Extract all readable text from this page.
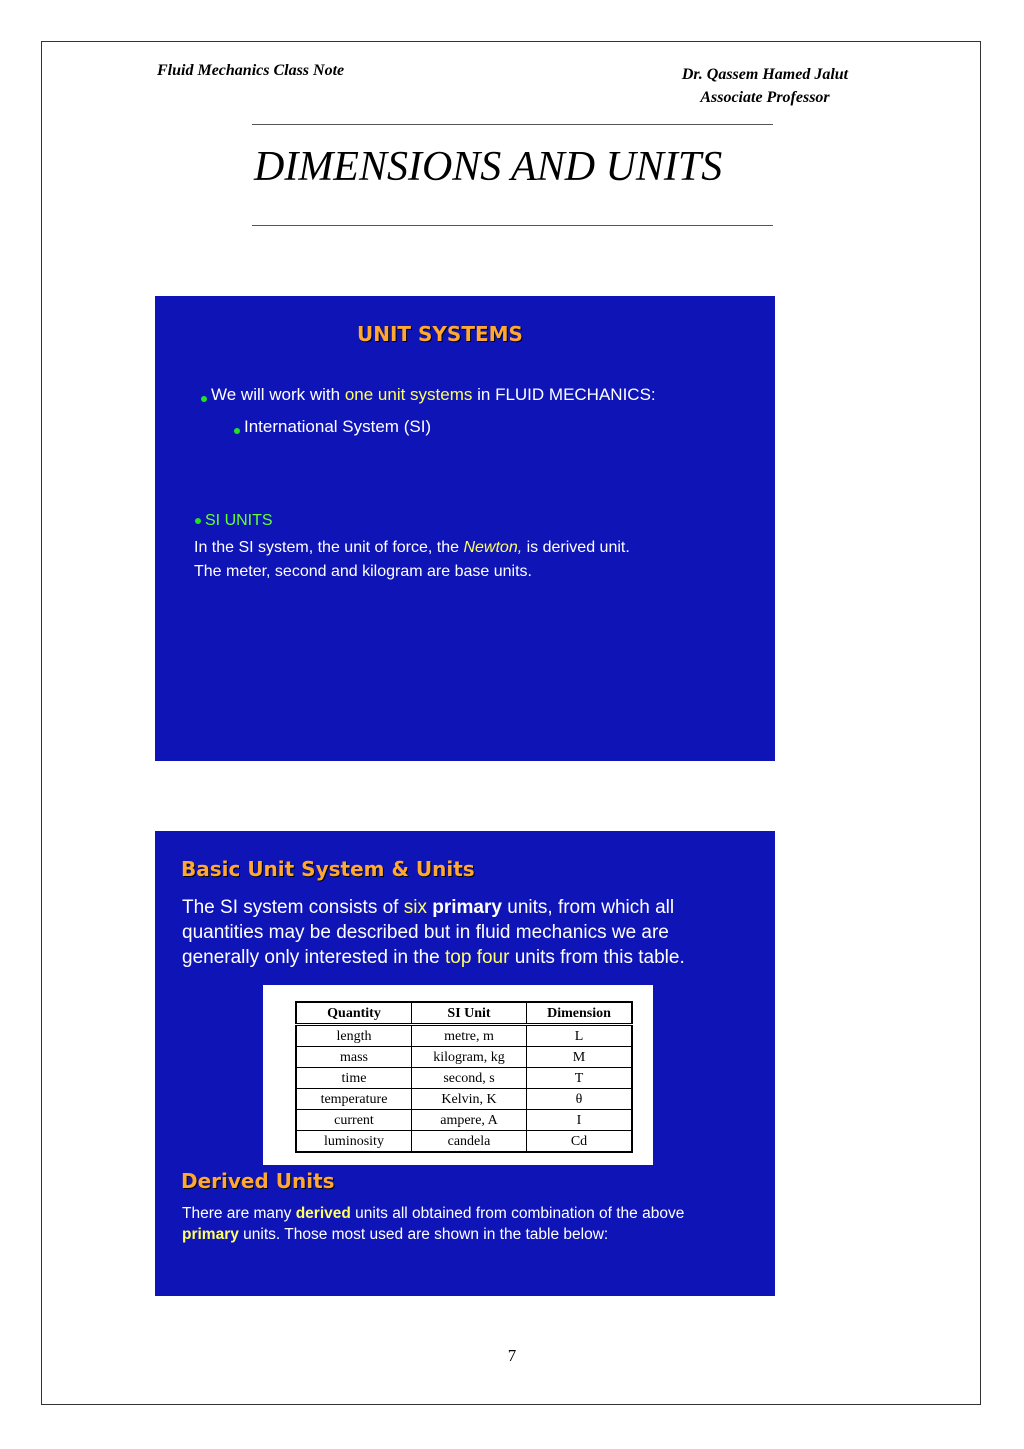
Fluid Mechanics Class Note	Dr. Qassem Hamed Jalut
Associate Professor
DIMENSIONS AND UNITS
UNIT SYSTEMS
We will work with one unit systems in FLUID MECHANICS:
International System (SI)
SI UNITS
In the SI system, the unit of force, the Newton, is derived unit.
The meter, second and kilogram are base units.
Basic Unit System & Units
The SI system consists of six primary units, from which all
quantities may be described but in fluid mechanics we are
generally only interested in the top four units from this table.
Quantity	SI Unit	Dimension
length	metre, m	L
mass	kilogram, kg	M
time	second, s	T
temperature	Kelvin, K	θ
current	ampere, A	I
luminosity	candela	Cd
Derived Units
There are many derived units all obtained from combination of the above
primary units. Those most used are shown in the table below:
7
